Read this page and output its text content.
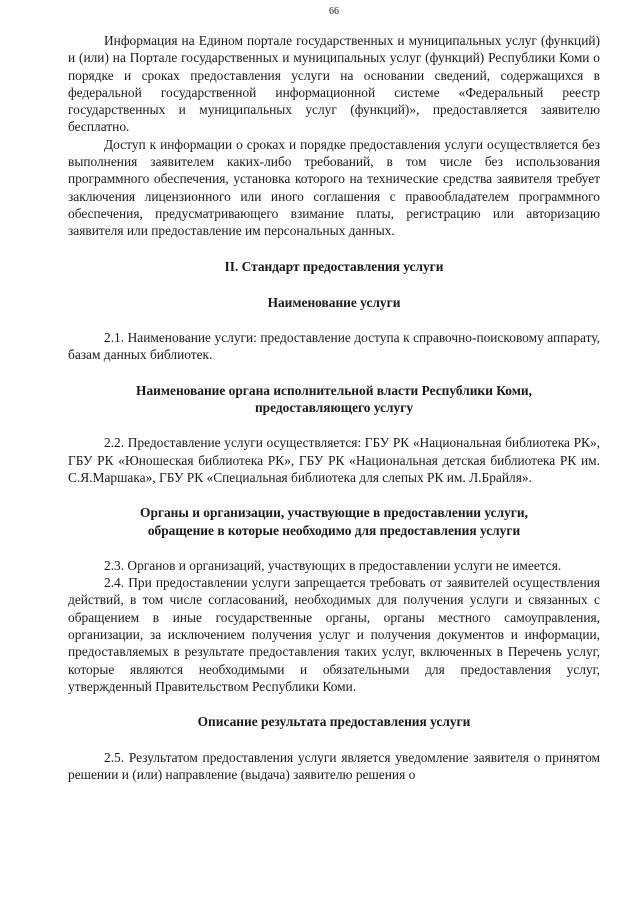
66

Информация на Едином портале государственных и муниципальных услуг (функций) и (или) на Портале государственных и муниципальных услуг (функций) Республики Коми о порядке и сроках предоставления услуги на основании сведений, содержащихся в федеральной государственной информационной системе «Федеральный реестр государственных и муниципальных услуг (функций)», предоставляется заявителю бесплатно.

Доступ к информации о сроках и порядке предоставления услуги осуществляется без выполнения заявителем каких-либо требований, в том числе без использования программного обеспечения, установка которого на технические средства заявителя требует заключения лицензионного или иного соглашения с правообладателем программного обеспечения, предусматривающего взимание платы, регистрацию или авторизацию заявителя или предоставление им персональных данных.

II. Стандарт предоставления услуги

Наименование услуги

2.1. Наименование услуги: предоставление доступа к справочно-поисковому аппарату, базам данных библиотек.

Наименование органа исполнительной власти Республики Коми,
предоставляющего услугу

2.2. Предоставление услуги осуществляется: ГБУ РК «Национальная библиотека РК», ГБУ РК «Юношеская библиотека РК», ГБУ РК «Национальная детская библиотека РК им. С.Я.Маршака», ГБУ РК «Специальная библиотека для слепых РК им. Л.Брайля».

Органы и организации, участвующие в предоставлении услуги,
обращение в которые необходимо для предоставления услуги

2.3. Органов и организаций, участвующих в предоставлении услуги не имеется.

2.4. При предоставлении услуги запрещается требовать от заявителей осуществления действий, в том числе согласований, необходимых для получения услуги и связанных с обращением в иные государственные органы, органы местного самоуправления, организации, за исключением получения услуг и получения документов и информации, предоставляемых в результате предоставления таких услуг, включенных в Перечень услуг, которые являются необходимыми и обязательными для предоставления услуг, утвержденный Правительством Республики Коми.

Описание результата предоставления услуги

2.5. Результатом предоставления услуги является уведомление заявителя о принятом решении и (или) направление (выдача) заявителю решения о
